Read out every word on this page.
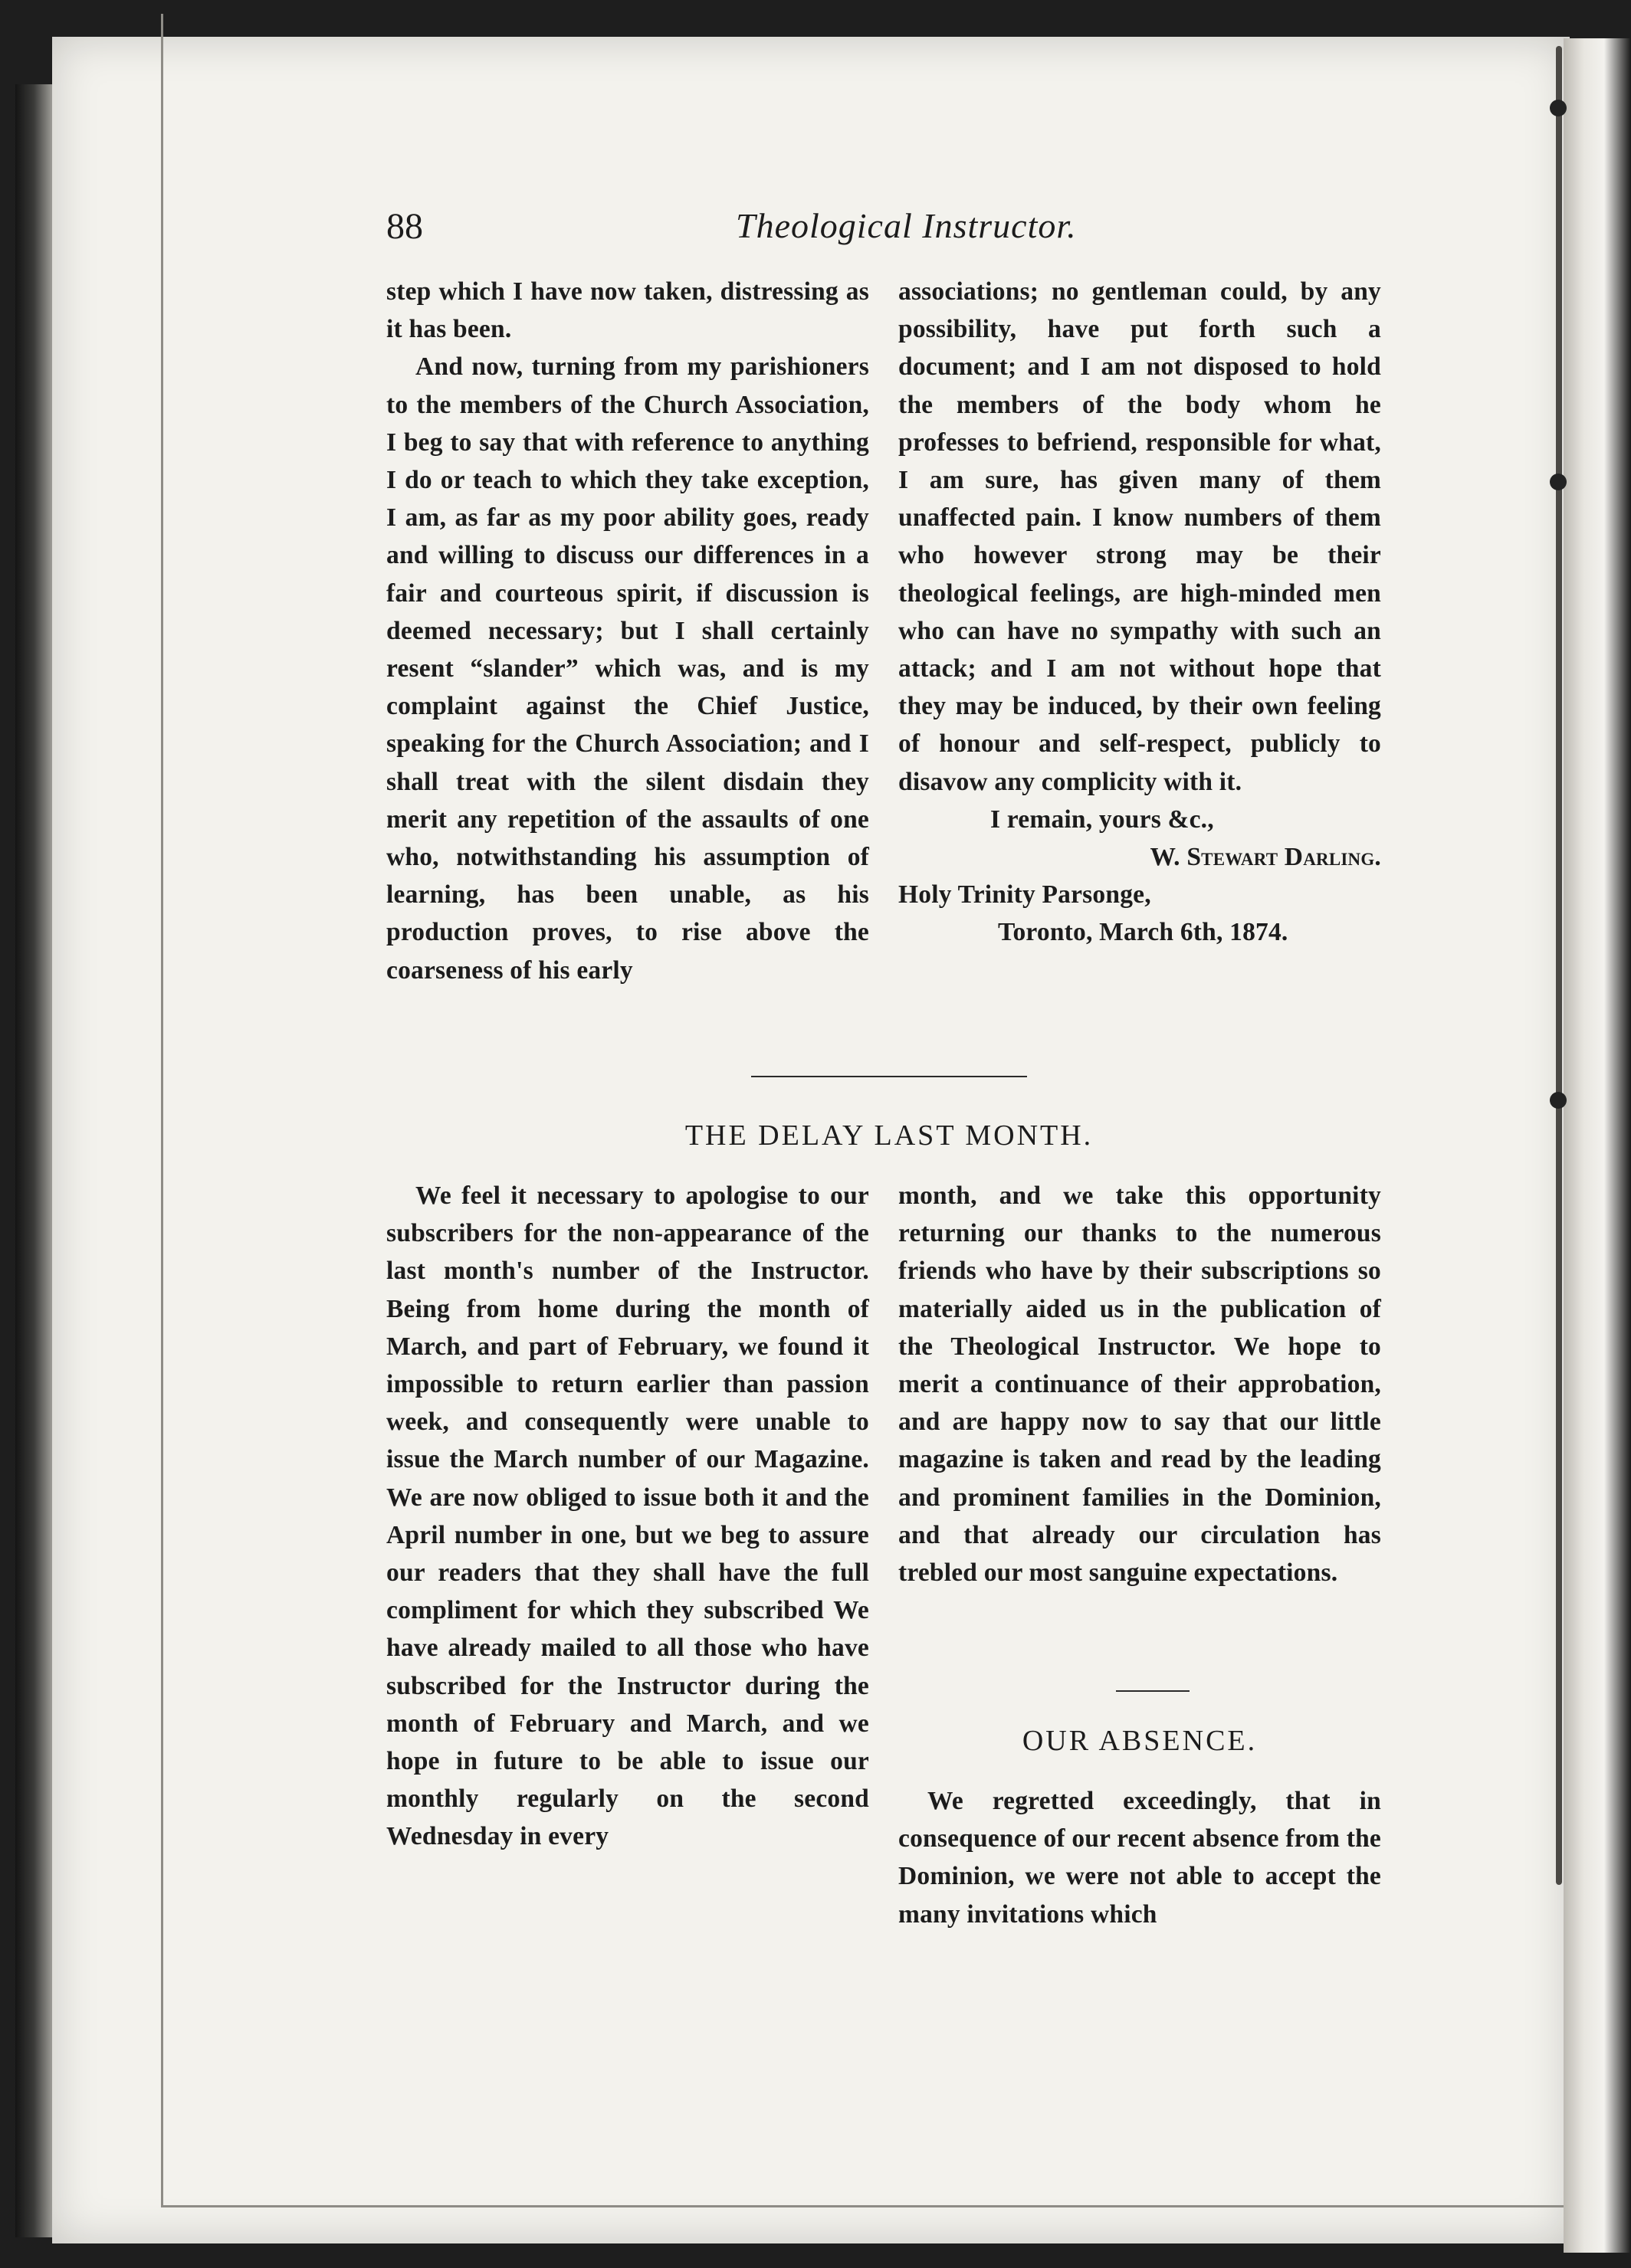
88	Theological Instructor.

step which I have now taken, distressing as it has been.

And now, turning from my parishioners to the members of the Church Association, I beg to say that with reference to anything I do or teach to which they take exception, I am, as far as my poor ability goes, ready and willing to discuss our differences in a fair and courteous spirit, if discussion is deemed necessary; but I shall certainly resent “slander” which was, and is my complaint against the Chief Justice, speaking for the Church Association; and I shall treat with the silent disdain they merit any repetition of the assaults of one who, notwithstanding his assumption of learning, has been unable, as his production proves, to rise above the coarseness of his early

associations; no gentleman could, by any possibility, have put forth such a document; and I am not disposed to hold the members of the body whom he professes to befriend, responsible for what, I am sure, has given many of them unaffected pain. I know numbers of them who however strong may be their theological feelings, are high-minded men who can have no sympathy with such an attack; and I am not without hope that they may be induced, by their own feeling of honour and self-respect, publicly to disavow any complicity with it.

I remain, yours &c.,

W. Stewart Darling.

Holy Trinity Parsonge,

Toronto, March 6th, 1874.

THE DELAY LAST MONTH.

We feel it necessary to apologise to our subscribers for the non-appearance of the last month's number of the Instructor. Being from home during the month of March, and part of February, we found it impossible to return earlier than passion week, and consequently were unable to issue the March number of our Magazine. We are now obliged to issue both it and the April number in one, but we beg to assure our readers that they shall have the full compliment for which they subscribed We have already mailed to all those who have subscribed for the Instructor during the month of February and March, and we hope in future to be able to issue our monthly regularly on the second Wednesday in every

month, and we take this opportunity returning our thanks to the numerous friends who have by their subscriptions so materially aided us in the publication of the Theological Instructor. We hope to merit a continuance of their approbation, and are happy now to say that our little magazine is taken and read by the leading and prominent families in the Dominion, and that already our circulation has trebled our most sanguine expectations.

OUR ABSENCE.

We regretted exceedingly, that in consequence of our recent absence from the Dominion, we were not able to accept the many invitations which
